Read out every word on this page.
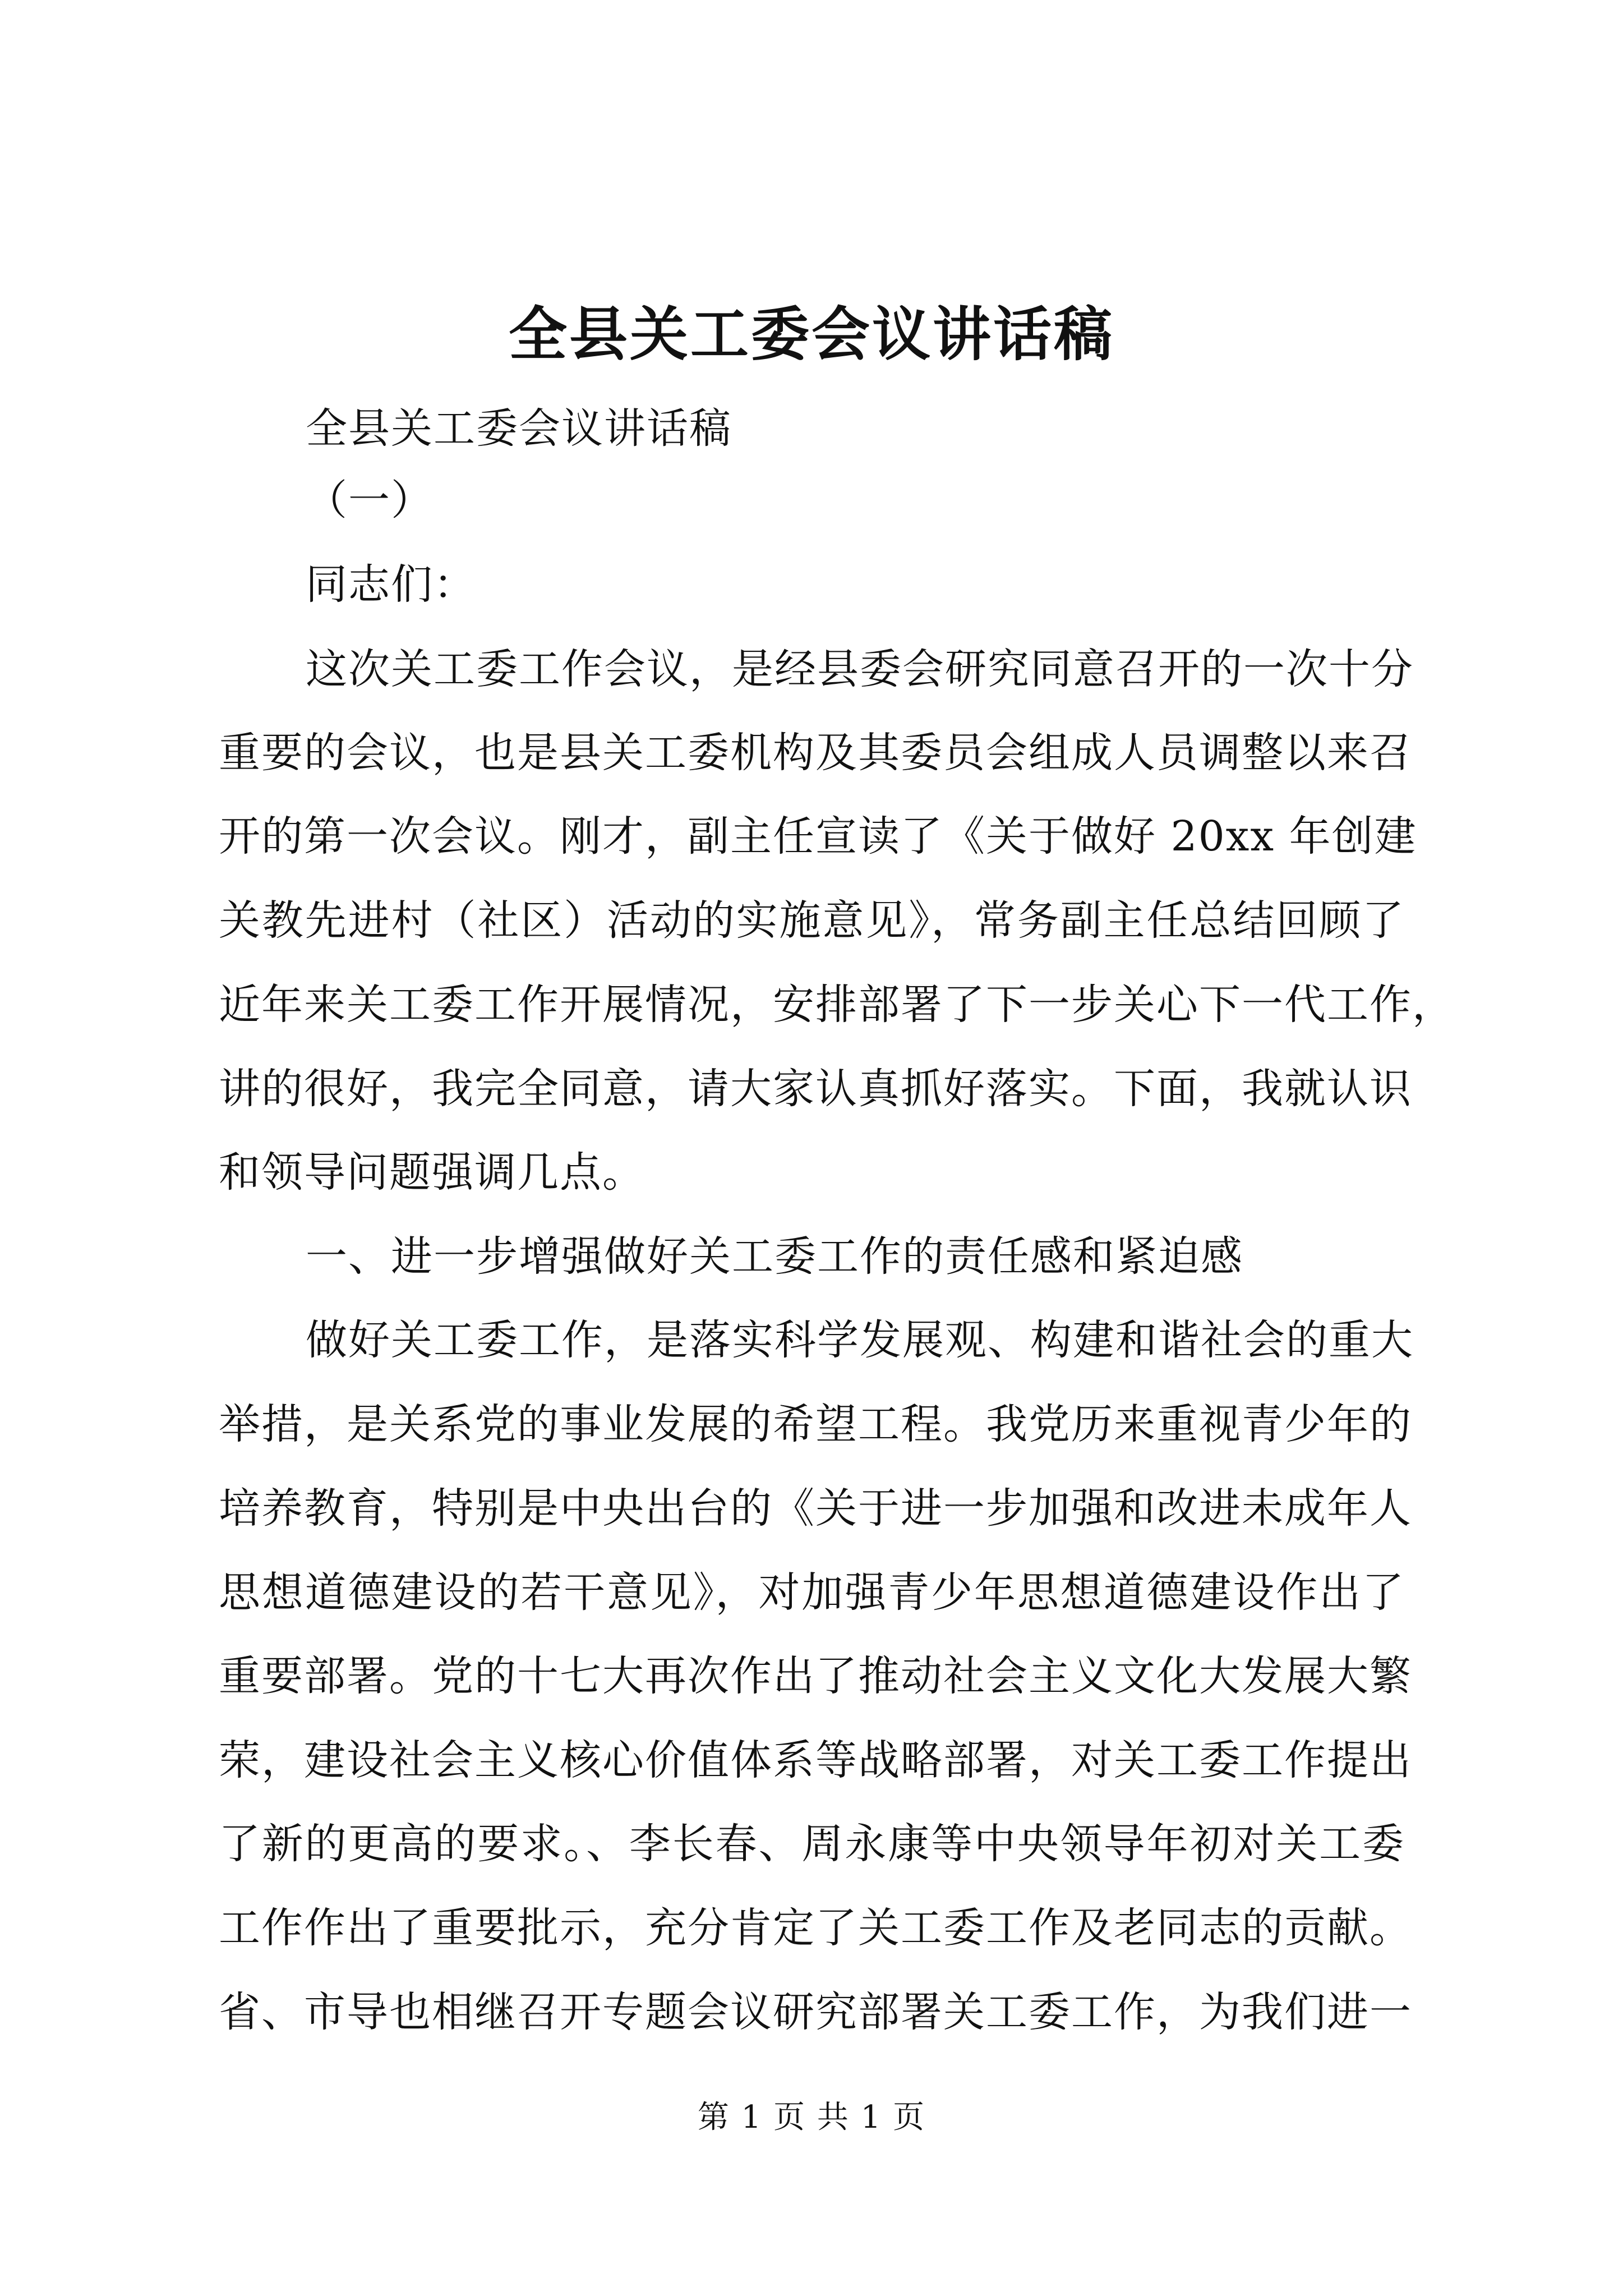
全县关工委会议讲话稿

全县关工委会议讲话稿

（一）

同志们：

这次关工委工作会议，是经县委会研究同意召开的一次十分

重要的会议，也是县关工委机构及其委员会组成人员调整以来召

开的第一次会议。刚才，副主任宣读了《关于做好 20xx 年创建

关教先进村（社区）活动的实施意见》，常务副主任总结回顾了

近年来关工委工作开展情况，安排部署了下一步关心下一代工作，

讲的很好，我完全同意，请大家认真抓好落实。下面，我就认识

和领导问题强调几点。

一、进一步增强做好关工委工作的责任感和紧迫感

做好关工委工作，是落实科学发展观、构建和谐社会的重大

举措，是关系党的事业发展的希望工程。我党历来重视青少年的

培养教育，特别是中央出台的《关于进一步加强和改进未成年人

思想道德建设的若干意见》，对加强青少年思想道德建设作出了

重要部署。党的十七大再次作出了推动社会主义文化大发展大繁

荣，建设社会主义核心价值体系等战略部署，对关工委工作提出

了新的更高的要求。、李长春、周永康等中央领导年初对关工委

工作作出了重要批示，充分肯定了关工委工作及老同志的贡献。

省、市导也相继召开专题会议研究部署关工委工作，为我们进一

第 1 页 共 1 页
